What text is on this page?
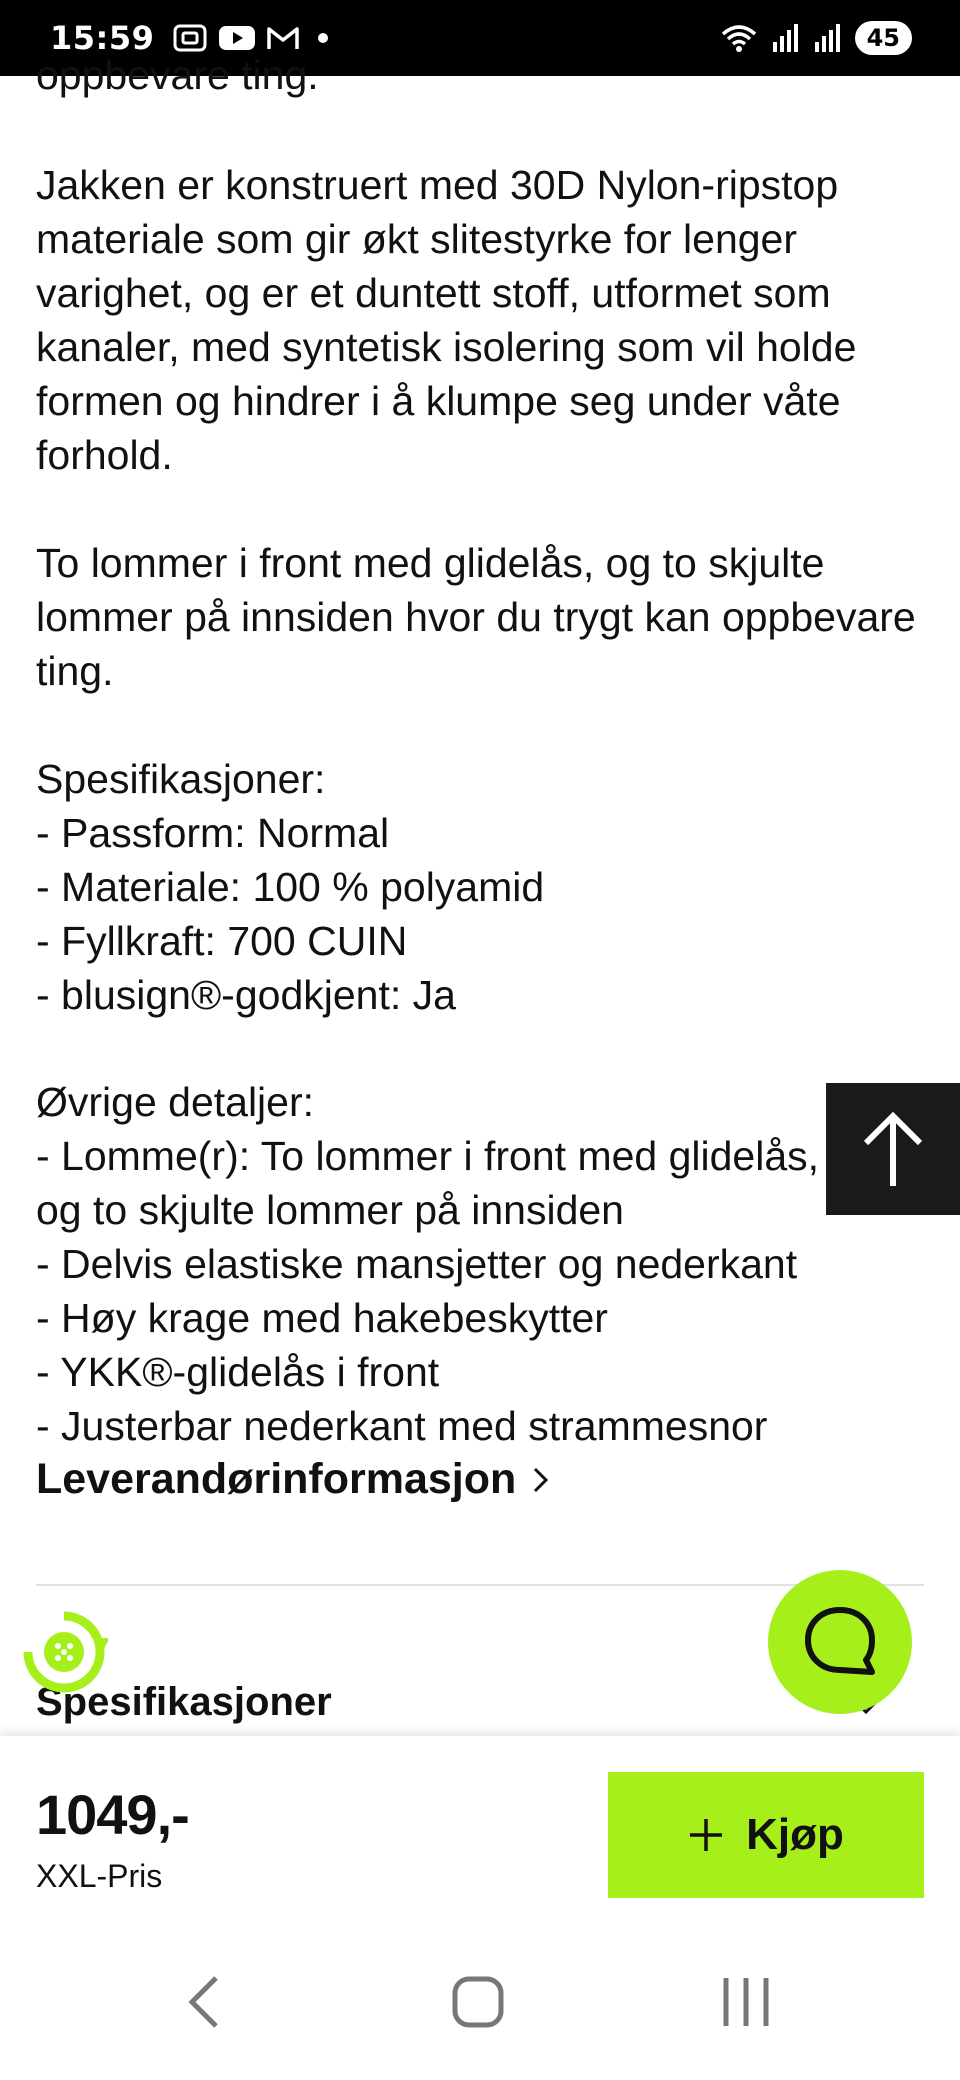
15:59	45
oppbevare ting.
Jakken er konstruert med 30D Nylon-ripstop materiale som gir økt slitestyrke for lenger varighet, og er et duntett stoff, utformet som kanaler, med syntetisk isolering som vil holde formen og hindrer i å klumpe seg under våte forhold.
To lommer i front med glidelås, og to skjulte lommer på innsiden hvor du trygt kan oppbevare ting.
Spesifikasjoner:
- Passform: Normal
- Materiale: 100 % polyamid
- Fyllkraft: 700 CUIN
- blusign®-godkjent: Ja
Øvrige detaljer:
- Lomme(r): To lommer i front med glidelås, og to skjulte lommer på innsiden
- Delvis elastiske mansjetter og nederkant
- Høy krage med hakebeskytter
- YKK®-glidelås i front
- Justerbar nederkant med strammesnor
Leverandørinformasjon
Spesifikasjoner
1049,-
XXL-Pris
Kjøp
